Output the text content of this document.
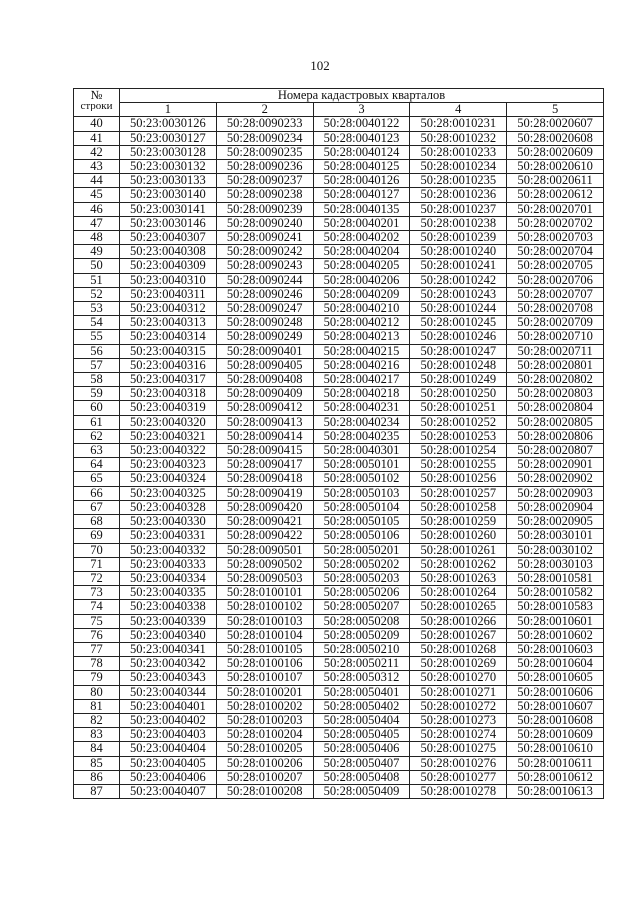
102
№
строки	Номера кадастровых кварталов				
	1	2	3	4	5
40	50:23:0030126	50:28:0090233	50:28:0040122	50:28:0010231	50:28:0020607
41	50:23:0030127	50:28:0090234	50:28:0040123	50:28:0010232	50:28:0020608
42	50:23:0030128	50:28:0090235	50:28:0040124	50:28:0010233	50:28:0020609
43	50:23:0030132	50:28:0090236	50:28:0040125	50:28:0010234	50:28:0020610
44	50:23:0030133	50:28:0090237	50:28:0040126	50:28:0010235	50:28:0020611
45	50:23:0030140	50:28:0090238	50:28:0040127	50:28:0010236	50:28:0020612
46	50:23:0030141	50:28:0090239	50:28:0040135	50:28:0010237	50:28:0020701
47	50:23:0030146	50:28:0090240	50:28:0040201	50:28:0010238	50:28:0020702
48	50:23:0040307	50:28:0090241	50:28:0040202	50:28:0010239	50:28:0020703
49	50:23:0040308	50:28:0090242	50:28:0040204	50:28:0010240	50:28:0020704
50	50:23:0040309	50:28:0090243	50:28:0040205	50:28:0010241	50:28:0020705
51	50:23:0040310	50:28:0090244	50:28:0040206	50:28:0010242	50:28:0020706
52	50:23:0040311	50:28:0090246	50:28:0040209	50:28:0010243	50:28:0020707
53	50:23:0040312	50:28:0090247	50:28:0040210	50:28:0010244	50:28:0020708
54	50:23:0040313	50:28:0090248	50:28:0040212	50:28:0010245	50:28:0020709
55	50:23:0040314	50:28:0090249	50:28:0040213	50:28:0010246	50:28:0020710
56	50:23:0040315	50:28:0090401	50:28:0040215	50:28:0010247	50:28:0020711
57	50:23:0040316	50:28:0090405	50:28:0040216	50:28:0010248	50:28:0020801
58	50:23:0040317	50:28:0090408	50:28:0040217	50:28:0010249	50:28:0020802
59	50:23:0040318	50:28:0090409	50:28:0040218	50:28:0010250	50:28:0020803
60	50:23:0040319	50:28:0090412	50:28:0040231	50:28:0010251	50:28:0020804
61	50:23:0040320	50:28:0090413	50:28:0040234	50:28:0010252	50:28:0020805
62	50:23:0040321	50:28:0090414	50:28:0040235	50:28:0010253	50:28:0020806
63	50:23:0040322	50:28:0090415	50:28:0040301	50:28:0010254	50:28:0020807
64	50:23:0040323	50:28:0090417	50:28:0050101	50:28:0010255	50:28:0020901
65	50:23:0040324	50:28:0090418	50:28:0050102	50:28:0010256	50:28:0020902
66	50:23:0040325	50:28:0090419	50:28:0050103	50:28:0010257	50:28:0020903
67	50:23:0040328	50:28:0090420	50:28:0050104	50:28:0010258	50:28:0020904
68	50:23:0040330	50:28:0090421	50:28:0050105	50:28:0010259	50:28:0020905
69	50:23:0040331	50:28:0090422	50:28:0050106	50:28:0010260	50:28:0030101
70	50:23:0040332	50:28:0090501	50:28:0050201	50:28:0010261	50:28:0030102
71	50:23:0040333	50:28:0090502	50:28:0050202	50:28:0010262	50:28:0030103
72	50:23:0040334	50:28:0090503	50:28:0050203	50:28:0010263	50:28:0010581
73	50:23:0040335	50:28:0100101	50:28:0050206	50:28:0010264	50:28:0010582
74	50:23:0040338	50:28:0100102	50:28:0050207	50:28:0010265	50:28:0010583
75	50:23:0040339	50:28:0100103	50:28:0050208	50:28:0010266	50:28:0010601
76	50:23:0040340	50:28:0100104	50:28:0050209	50:28:0010267	50:28:0010602
77	50:23:0040341	50:28:0100105	50:28:0050210	50:28:0010268	50:28:0010603
78	50:23:0040342	50:28:0100106	50:28:0050211	50:28:0010269	50:28:0010604
79	50:23:0040343	50:28:0100107	50:28:0050312	50:28:0010270	50:28:0010605
80	50:23:0040344	50:28:0100201	50:28:0050401	50:28:0010271	50:28:0010606
81	50:23:0040401	50:28:0100202	50:28:0050402	50:28:0010272	50:28:0010607
82	50:23:0040402	50:28:0100203	50:28:0050404	50:28:0010273	50:28:0010608
83	50:23:0040403	50:28:0100204	50:28:0050405	50:28:0010274	50:28:0010609
84	50:23:0040404	50:28:0100205	50:28:0050406	50:28:0010275	50:28:0010610
85	50:23:0040405	50:28:0100206	50:28:0050407	50:28:0010276	50:28:0010611
86	50:23:0040406	50:28:0100207	50:28:0050408	50:28:0010277	50:28:0010612
87	50:23:0040407	50:28:0100208	50:28:0050409	50:28:0010278	50:28:0010613
